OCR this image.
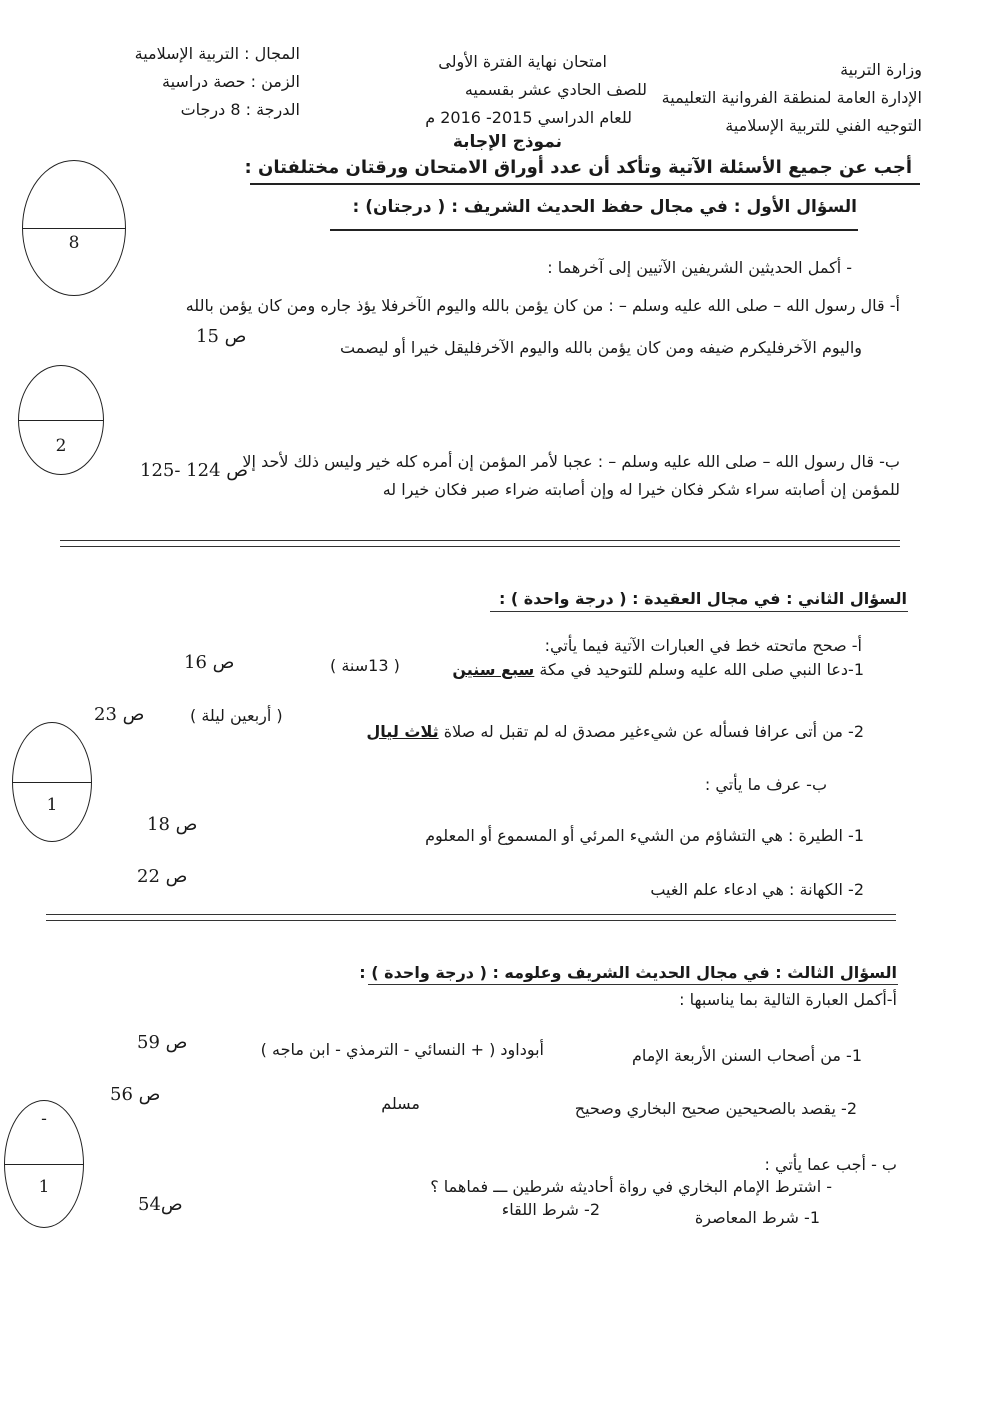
وزارة التربية
الإدارة العامة لمنطقة الفروانية التعليمية
التوجيه الفني للتربية الإسلامية
امتحان نهاية الفترة الأولى
للصف الحادي عشر بقسميه
للعام الدراسي 2015- 2016 م
نموذج الإجابة
المجال : التربية الإسلامية
الزمن : حصة دراسية
الدرجة : 8 درجات
أجب عن جميع الأسئلة الآتية وتأكد أن عدد أوراق الامتحان ورقتان مختلفتان :
8
2
1
-
1
السؤال الأول : في مجال حفظ الحديث الشريف : ( درجتان) :
- أكمل الحديثين الشريفين الآتيين إلى آخرهما :
أ- قال رسول الله – صلى الله عليه وسلم – : من كان يؤمن بالله واليوم الآخرفلا يؤذ جاره ومن كان يؤمن بالله
واليوم الآخرفليكرم ضيفه ومن كان يؤمن بالله واليوم الآخرفليقل خيرا أو ليصمت
ص 15
ب- قال رسول الله – صلى الله عليه وسلم – : عجبا لأمر المؤمن إن أمره كله خير وليس ذلك لأحد إلا
للمؤمن إن أصابته سراء شكر فكان خيرا له وإن أصابته ضراء صبر فكان خيرا له
ص 124 -125
السؤال الثاني : في مجال العقيدة : ( درجة واحدة ) :
أ- صحح ماتحته خط في العبارات الآتية فيما يأتي:
1-دعا النبي صلى الله عليه وسلم للتوحيد في مكة سبع سنين
( 13سنة )
ص 16
2- من أتى عرافا فسأله عن شيءغير مصدق له لم تقبل له صلاة ثلاث ليال
( أربعين ليلة )
ص 23
ب- عرف ما يأتي :
1- الطيرة : هي التشاؤم من الشيء المرئي أو المسموع أو المعلوم
ص 18
2- الكهانة : هي ادعاء علم الغيب
ص 22
السؤال الثالث : في مجال الحديث الشريف وعلومه : ( درجة واحدة ) :
أ-أكمل العبارة التالية بما يناسبها :
1- من أصحاب السنن الأربعة الإمام
أبوداود ( + النسائي - الترمذي - ابن ماجه )
ص 59
2- يقصد بالصحيحين صحيح البخاري وصحيح
مسلم
ص 56
ب - أجب عما يأتي :
- اشترط الإمام البخاري في رواة أحاديثه شرطين ـــ فماهما ؟
1- شرط المعاصرة
2- شرط اللقاء
ص54
